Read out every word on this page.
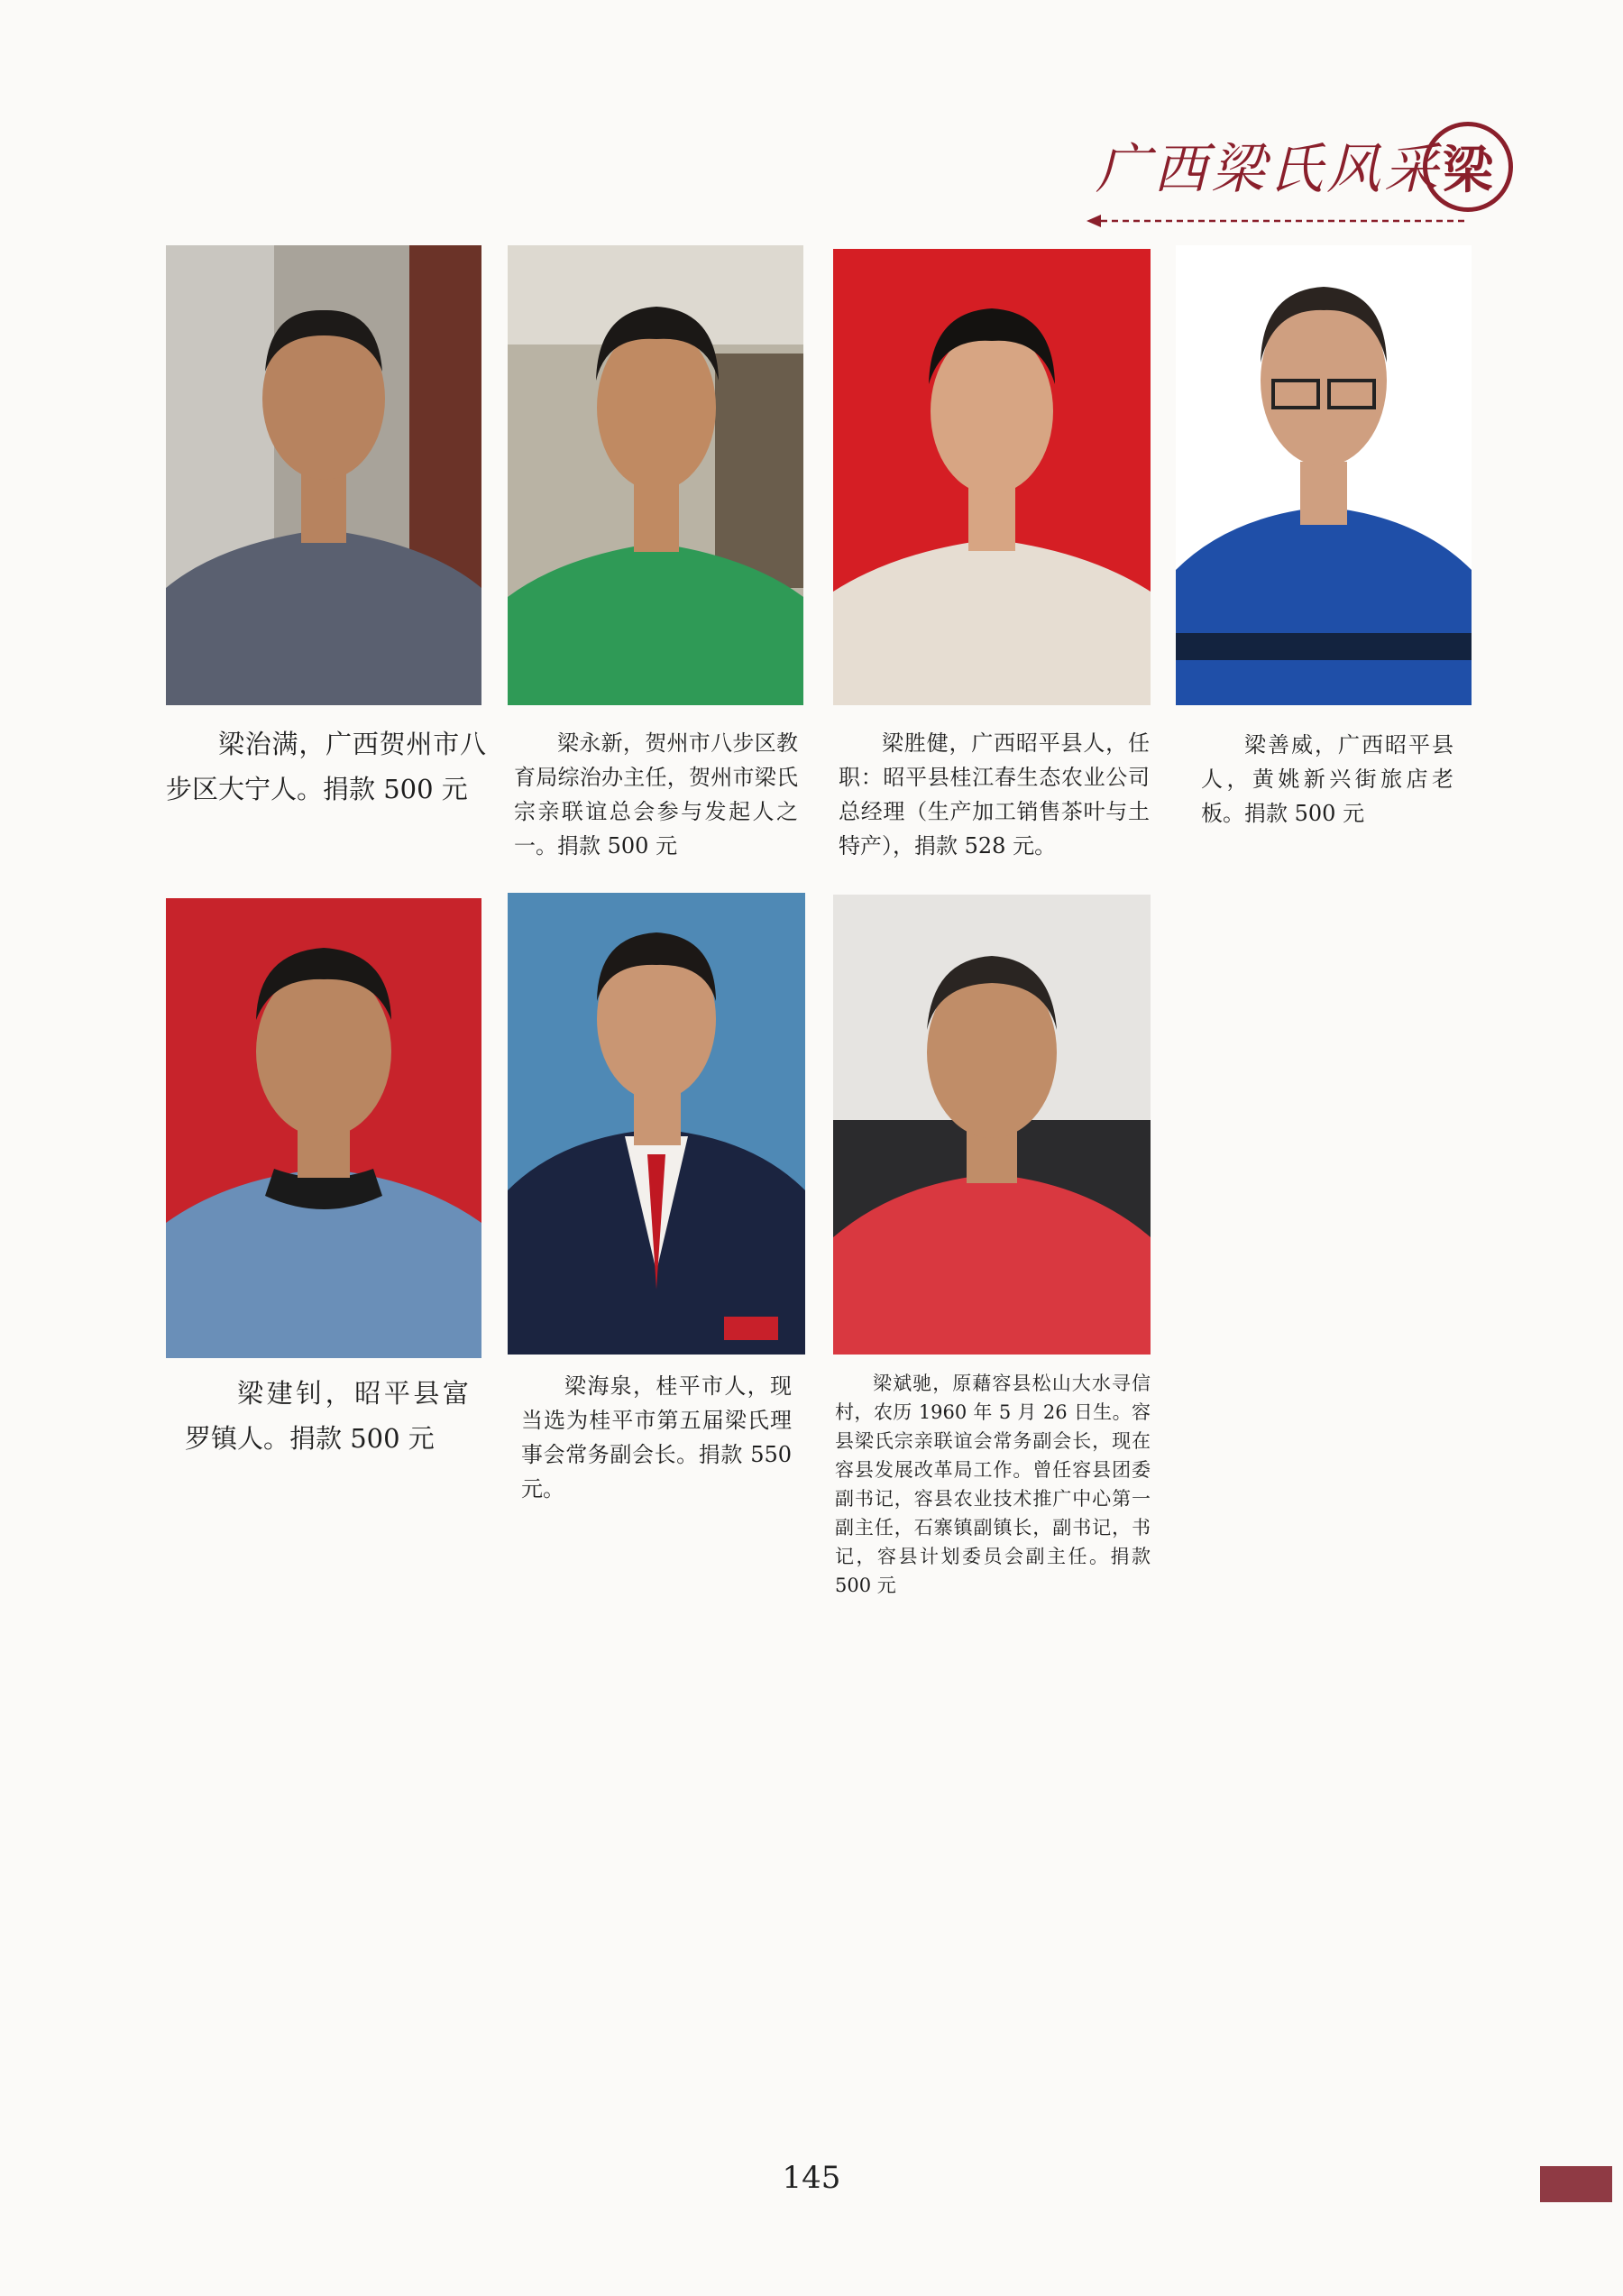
广西梁氏风采 梁
梁治满，广西贺州市八步区大宁人。捐款 500 元
梁永新，贺州市八步区教育局综治办主任，贺州市梁氏宗亲联谊总会参与发起人之一。捐款 500 元
梁胜健，广西昭平县人，任职：昭平县桂江春生态农业公司总经理（生产加工销售茶叶与土特产），捐款 528 元。
梁善威，广西昭平县人，黄姚新兴街旅店老板。捐款 500 元
梁建钊，昭平县富罗镇人。捐款 500 元
梁海泉，桂平市人，现当选为桂平市第五届梁氏理事会常务副会长。捐款 550 元。
梁斌驰，原藉容县松山大水寻信村，农历 1960 年 5 月 26 日生。容县梁氏宗亲联谊会常务副会长，现在容县发展改革局工作。曾任容县团委副书记，容县农业技术推广中心第一副主任，石寨镇副镇长，副书记，书记，容县计划委员会副主任。捐款 500 元
145
